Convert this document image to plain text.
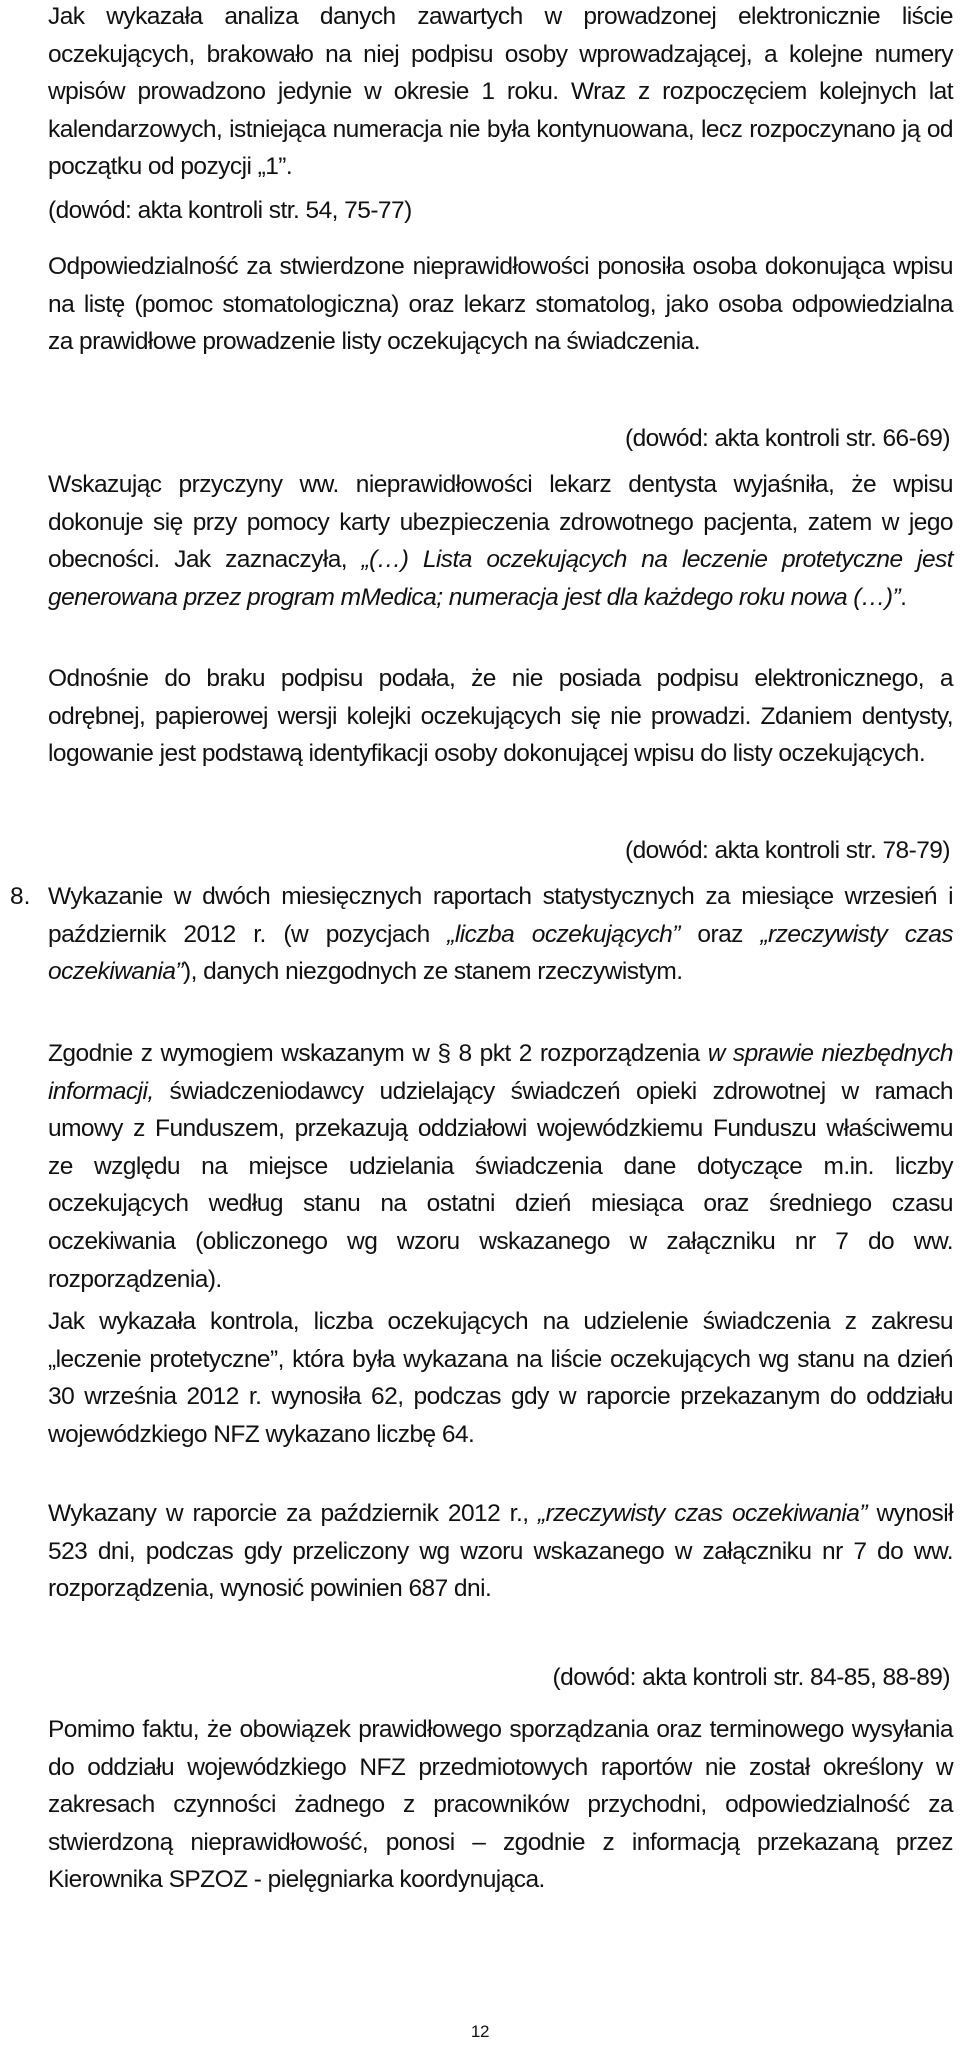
Jak wykazała analiza danych zawartych w prowadzonej elektronicznie liście oczekujących, brakowało na niej podpisu osoby wprowadzającej, a kolejne numery wpisów prowadzono jedynie w okresie 1 roku. Wraz z rozpoczęciem kolejnych lat kalendarzowych, istniejąca numeracja nie była kontynuowana, lecz rozpoczynano ją od początku od pozycji „1”.

(dowód: akta kontroli str. 54, 75-77)

Odpowiedzialność za stwierdzone nieprawidłowości ponosiła osoba dokonująca wpisu na listę (pomoc stomatologiczna) oraz lekarz stomatolog, jako osoba odpowiedzialna za prawidłowe prowadzenie listy oczekujących na świadczenia.

(dowód: akta kontroli str. 66-69)

Wskazując przyczyny ww. nieprawidłowości lekarz dentysta wyjaśniła, że wpisu dokonuje się przy pomocy karty ubezpieczenia zdrowotnego pacjenta, zatem w jego obecności. Jak zaznaczyła, „(…) Lista oczekujących na leczenie protetyczne jest generowana przez program mMedica; numeracja jest dla każdego roku nowa (…)”.

Odnośnie do braku podpisu podała, że nie posiada podpisu elektronicznego, a odrębnej, papierowej wersji kolejki oczekujących się nie prowadzi. Zdaniem dentysty, logowanie jest podstawą identyfikacji osoby dokonującej wpisu do listy oczekujących.

(dowód: akta kontroli str. 78-79)

8. Wykazanie w dwóch miesięcznych raportach statystycznych za miesiące wrzesień i październik 2012 r. (w pozycjach „liczba oczekujących” oraz „rzeczywisty czas oczekiwania”), danych niezgodnych ze stanem rzeczywistym.

Zgodnie z wymogiem wskazanym w § 8 pkt 2 rozporządzenia w sprawie niezbędnych informacji, świadczeniodawcy udzielający świadczeń opieki zdrowotnej w ramach umowy z Funduszem, przekazują oddziałowi wojewódzkiemu Funduszu właściwemu ze względu na miejsce udzielania świadczenia dane dotyczące m.in. liczby oczekujących według stanu na ostatni dzień miesiąca oraz średniego czasu oczekiwania (obliczonego wg wzoru wskazanego w załączniku nr 7 do ww. rozporządzenia).

Jak wykazała kontrola, liczba oczekujących na udzielenie świadczenia z zakresu „leczenie protetyczne”, która była wykazana na liście oczekujących wg stanu na dzień 30 września 2012 r. wynosiła 62, podczas gdy w raporcie przekazanym do oddziału wojewódzkiego NFZ wykazano liczbę 64.

Wykazany w raporcie za październik 2012 r., „rzeczywisty czas oczekiwania” wynosił 523 dni, podczas gdy przeliczony wg wzoru wskazanego w załączniku nr 7 do ww. rozporządzenia, wynosić powinien 687 dni.

(dowód: akta kontroli str. 84-85, 88-89)

Pomimo faktu, że obowiązek prawidłowego sporządzania oraz terminowego wysyłania do oddziału wojewódzkiego NFZ przedmiotowych raportów nie został określony w zakresach czynności żadnego z pracowników przychodni, odpowiedzialność za stwierdzoną nieprawidłowość, ponosi – zgodnie z informacją przekazaną przez Kierownika SPZOZ - pielęgniarka koordynująca.

12
